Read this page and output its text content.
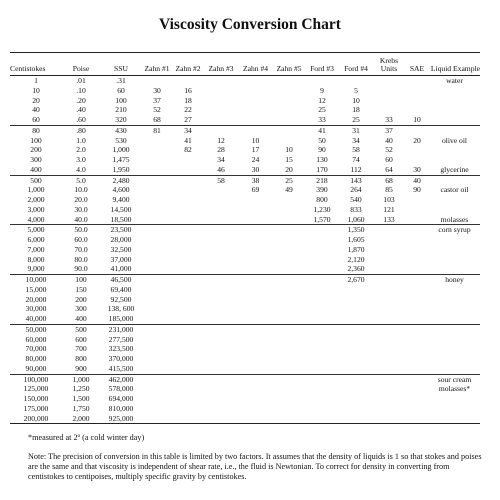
Viscosity Conversion Chart
Centistokes	Poise	SSU	Zahn #1	Zahn #2	Zahn #3	Zahn #4	Zahn #5	Ford #3	Ford #4	Krebs Units	SAE	Liquid Example
1	.01	.31										water
10	.10	60	30	16				9	5			
20	.20	100	37	18				12	10			
40	.40	210	52	22				25	18			
60	.60	320	68	27				33	25	33	10	
80	.80	430	81	34				41	31	37		
100	1.0	530		41	12	10		50	34	40	20	olive oil
200	2.0	1,000		82	28	17	10	90	58	52		
300	3.0	1,475			34	24	15	130	74	60		
400	4.0	1,950			46	30	20	170	112	64	30	glycerine
500	5.0	2,480			58	38	25	218	143	68	40	
1,000	10.0	4,600				69	49	390	264	85	90	castor oil
2,000	20.0	9,400						800	540	103		
3,000	30.0	14,500						1,230	833	121		
4,000	40.0	18,500						1,570	1,060	133		molasses
5,000	50.0	23,500							1,350			corn syrup
6,000	60.0	28,000							1,605			
7,000	70.0	32,500							1,870			
8,000	80.0	37,000							2,120			
9,000	90.0	41,000							2,360			
10,000	100	46,500							2,670			honey
15,000	150	69,400										
20,000	200	92,500										
30,000	300	138, 600										
40,000	400	185,000										
50,000	500	231,000										
60,000	600	277,500										
70,000	700	323,500										
80,000	800	370,000										
90,000	900	415,500										
100,000	1,000	462,000										sour cream
125,000	1,250	578,000										molasses*
150,000	1,500	694,000										
175,000	1,750	810,000										
200,000	2,000	925,000										
*measured at 2º (a cold winter day)
Note: The precision of conversion in this table is limited by two factors. It assumes that the density of liquids is 1 so that stokes and poises are the same and that viscosity is independent of shear rate, i.e., the fluid is Newtonian. To correct for density in converting from centistokes to centipoises, multiply specific gravity by centistokes.
